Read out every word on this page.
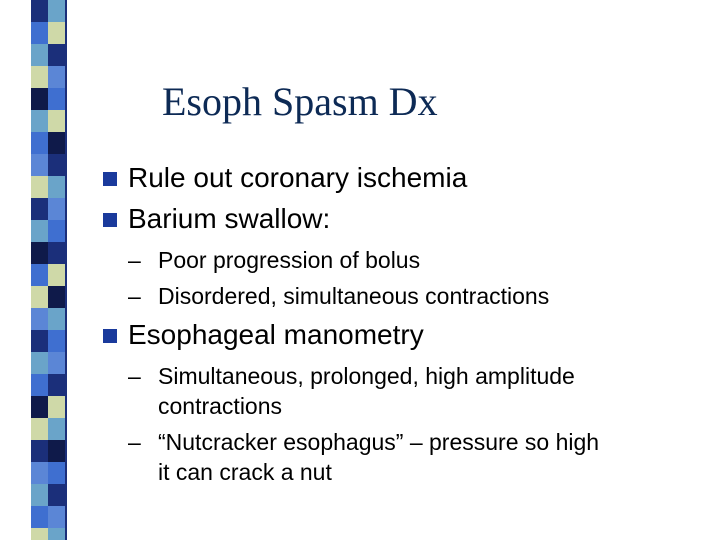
Esoph Spasm Dx
Rule out coronary ischemia
Barium swallow:
– Poor progression of bolus
– Disordered, simultaneous contractions
Esophageal manometry
– Simultaneous, prolonged, high amplitude
contractions
– “Nutcracker esophagus” – pressure so high
it can crack a nut
